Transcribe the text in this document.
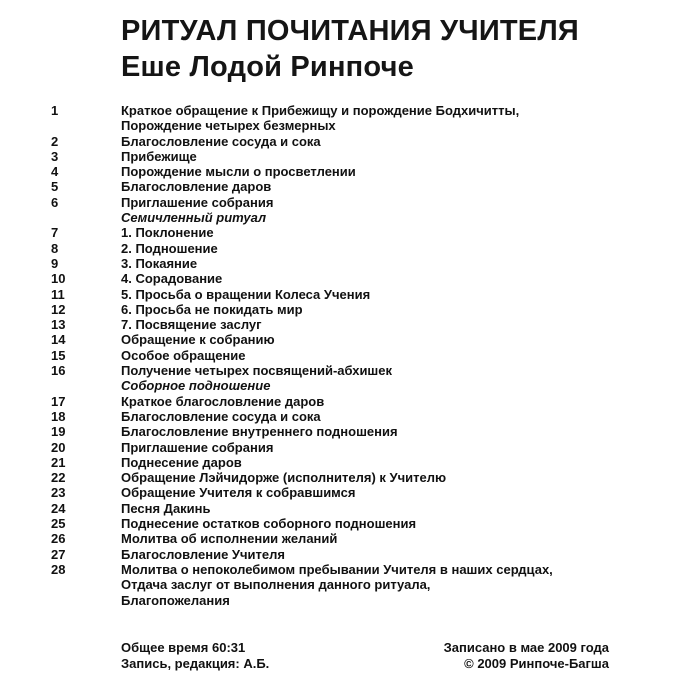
РИТУАЛ ПОЧИТАНИЯ УЧИТЕЛЯ
Еше Лодой Ринпоче
1	Краткое обращение к Прибежищу и порождение Бодхичитты,
Порождение четырех безмерных
2	Благословление сосуда и сока
3	Прибежище
4	Порождение мысли о просветлении
5	Благословление даров
6	Приглашение собрания
Семичленный ритуал
7	1. Поклонение
8	2. Подношение
9	3. Покаяние
10	4. Сорадование
11	5. Просьба о вращении Колеса Учения
12	6. Просьба не покидать мир
13	7. Посвящение заслуг
14	Обращение к собранию
15	Особое обращение
16	Получение четырех посвящений-абхишек
Соборное подношение
17	Краткое благословление даров
18	Благословление сосуда и сока
19	Благословление внутреннего подношения
20	Приглашение собрания
21	Поднесение даров
22	Обращение Лэйчидорже (исполнителя) к Учителю
23	Обращение Учителя к собравшимся
24	Песня Дакинь
25	Поднесение остатков соборного подношения
26	Молитва об исполнении желаний
27	Благословление Учителя
28	Молитва о непоколебимом пребывании Учителя в наших сердцах,
Отдача заслуг от выполнения данного ритуала,
Благопожелания
Общее время 60:31
Запись, редакция: А.Б.
Записано в мае 2009 года
© 2009 Ринпоче-Багша
